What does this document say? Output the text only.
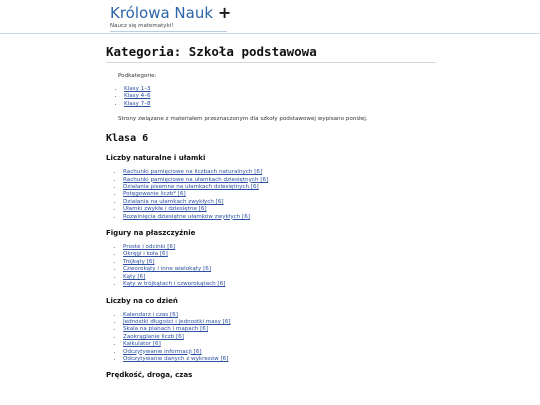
Królowa Nauk +
Naucz się matematyki!
Kategoria: Szkoła podstawowa

Podkategorie:

• Klasy 1–3
• Klasy 4–6
• Klasy 7–8

Strony związane z materiałem przeznaczonym dla szkoły podstawowej wypisano poniżej.

Klasa 6
Liczby naturalne i ułamki
• Rachunki pamięciowe na liczbach naturalnych [6]
• Rachunki pamięciowe na ułamkach dziesiętnych [6]
• Działania pisemne na ułamkach dziesiętnych [6]
• Potęgowanie liczb* [6]
• Działania na ułamkach zwykłych [6]
• Ułamki zwykłe i dziesiętne [6]
• Rozwinięcia dziesiętne ułamków zwykłych [6]
Figury na płaszczyźnie
• Proste i odcinki [6]
• Okręgi i koła [6]
• Trójkąty [6]
• Czworokąty i inne wielokąty [6]
• Kąty [6]
• Kąty w trójkątach i czworokątach [6]
Liczby na co dzień
• Kalendarz i czas [6]
• Jednostki długości i jednostki masy [6]
• Skala na planach i mapach [6]
• Zaokrąglanie liczb [6]
• Kalkulator [6]
• Odczytywanie informacji [6]
• Odczytywanie danych z wykresów [6]
Prędkość, droga, czas
